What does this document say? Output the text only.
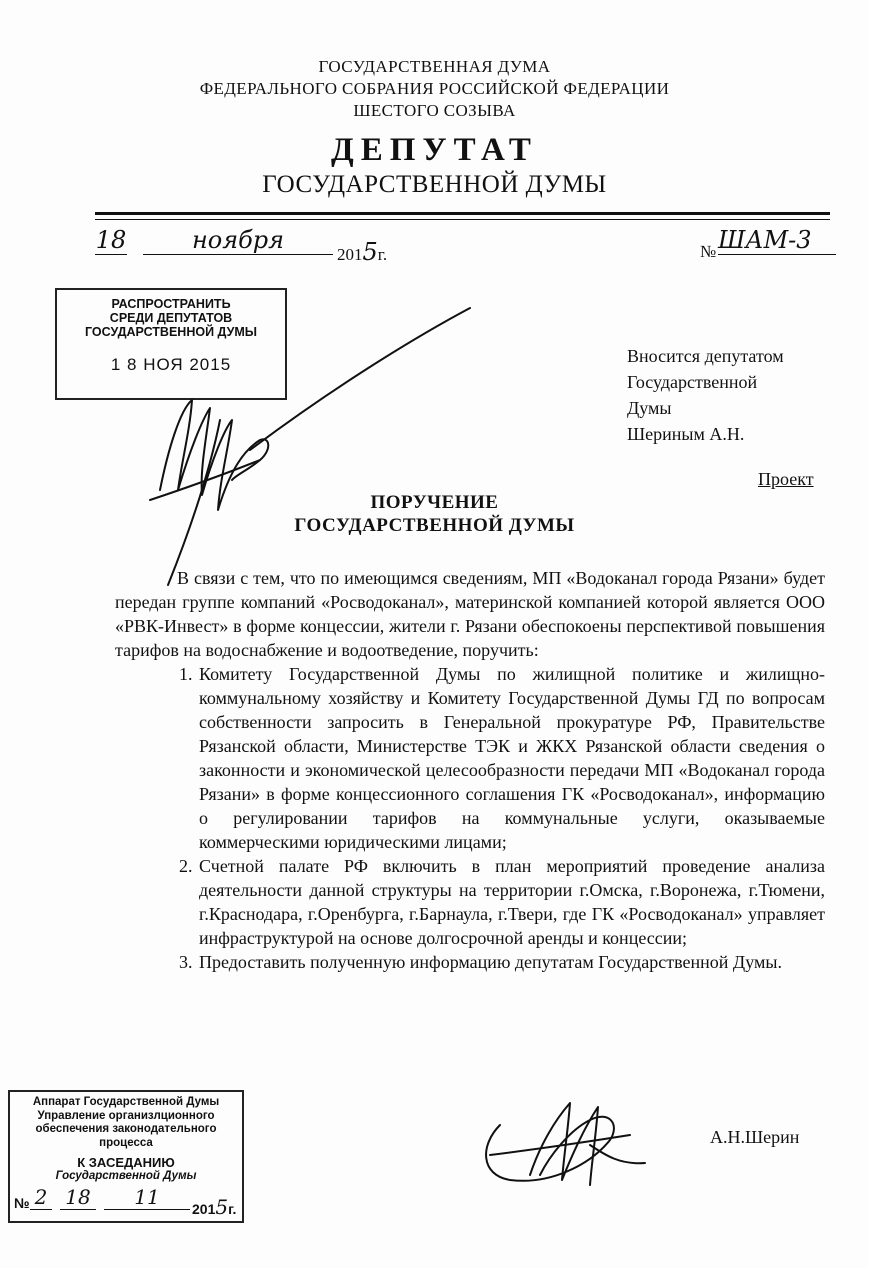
ГОСУДАРСТВЕННАЯ ДУМА
ФЕДЕРАЛЬНОГО СОБРАНИЯ РОССИЙСКОЙ ФЕДЕРАЦИИ
ШЕСТОГО СОЗЫВА
ДЕПУТАТ
ГОСУДАРСТВЕННОЙ ДУМЫ
18	ноября
2015г.	№ ШАМ-3
РАСПРОСТРАНИТЬ
СРЕДИ ДЕПУТАТОВ
ГОСУДАРСТВЕННОЙ ДУМЫ
1 8 НОЯ 2015	Вносится депутатом
Государственной
Думы
Шериным А.Н.
Проект
ПОРУЧЕНИЕ
ГОСУДАРСТВЕННОЙ ДУМЫ

В связи с тем, что по имеющимся сведениям, МП «Водоканал города Рязани» будет передан группе компаний «Росводоканал», материнской компанией которой является ООО «РВК-Инвест» в форме концессии, жители г. Рязани обеспокоены перспективой повышения тарифов на водоснабжение и водоотведение, поручить:

1. Комитету Государственной Думы по жилищной политике и жилищно-коммунальному хозяйству и Комитету Государственной Думы ГД по вопросам собственности запросить в Генеральной прокуратуре РФ, Правительстве Рязанской области, Министерстве ТЭК и ЖКХ Рязанской области сведения о законности и экономической целесообразности передачи МП «Водоканал города Рязани» в форме концессионного соглашения ГК «Росводоканал», информацию о регулировании тарифов на коммунальные услуги, оказываемые коммерческими юридическими лицами;
2. Счетной палате РФ включить в план мероприятий проведение анализа деятельности данной структуры на территории г.Омска, г.Воронежа, г.Тюмени, г.Краснодара, г.Оренбурга, г.Барнаула, г.Твери, где ГК «Росводоканал» управляет инфраструктурой на основе долгосрочной аренды и концессии;
3. Предоставить полученную информацию депутатам Государственной Думы.
Аппарат Государственной Думы
Управление организлционного
обеспечения законодательного
процесса
К ЗАСЕДАНИЮ
Государственной Думы
№ 2 18	11	2015г.
А.Н.Шерин
